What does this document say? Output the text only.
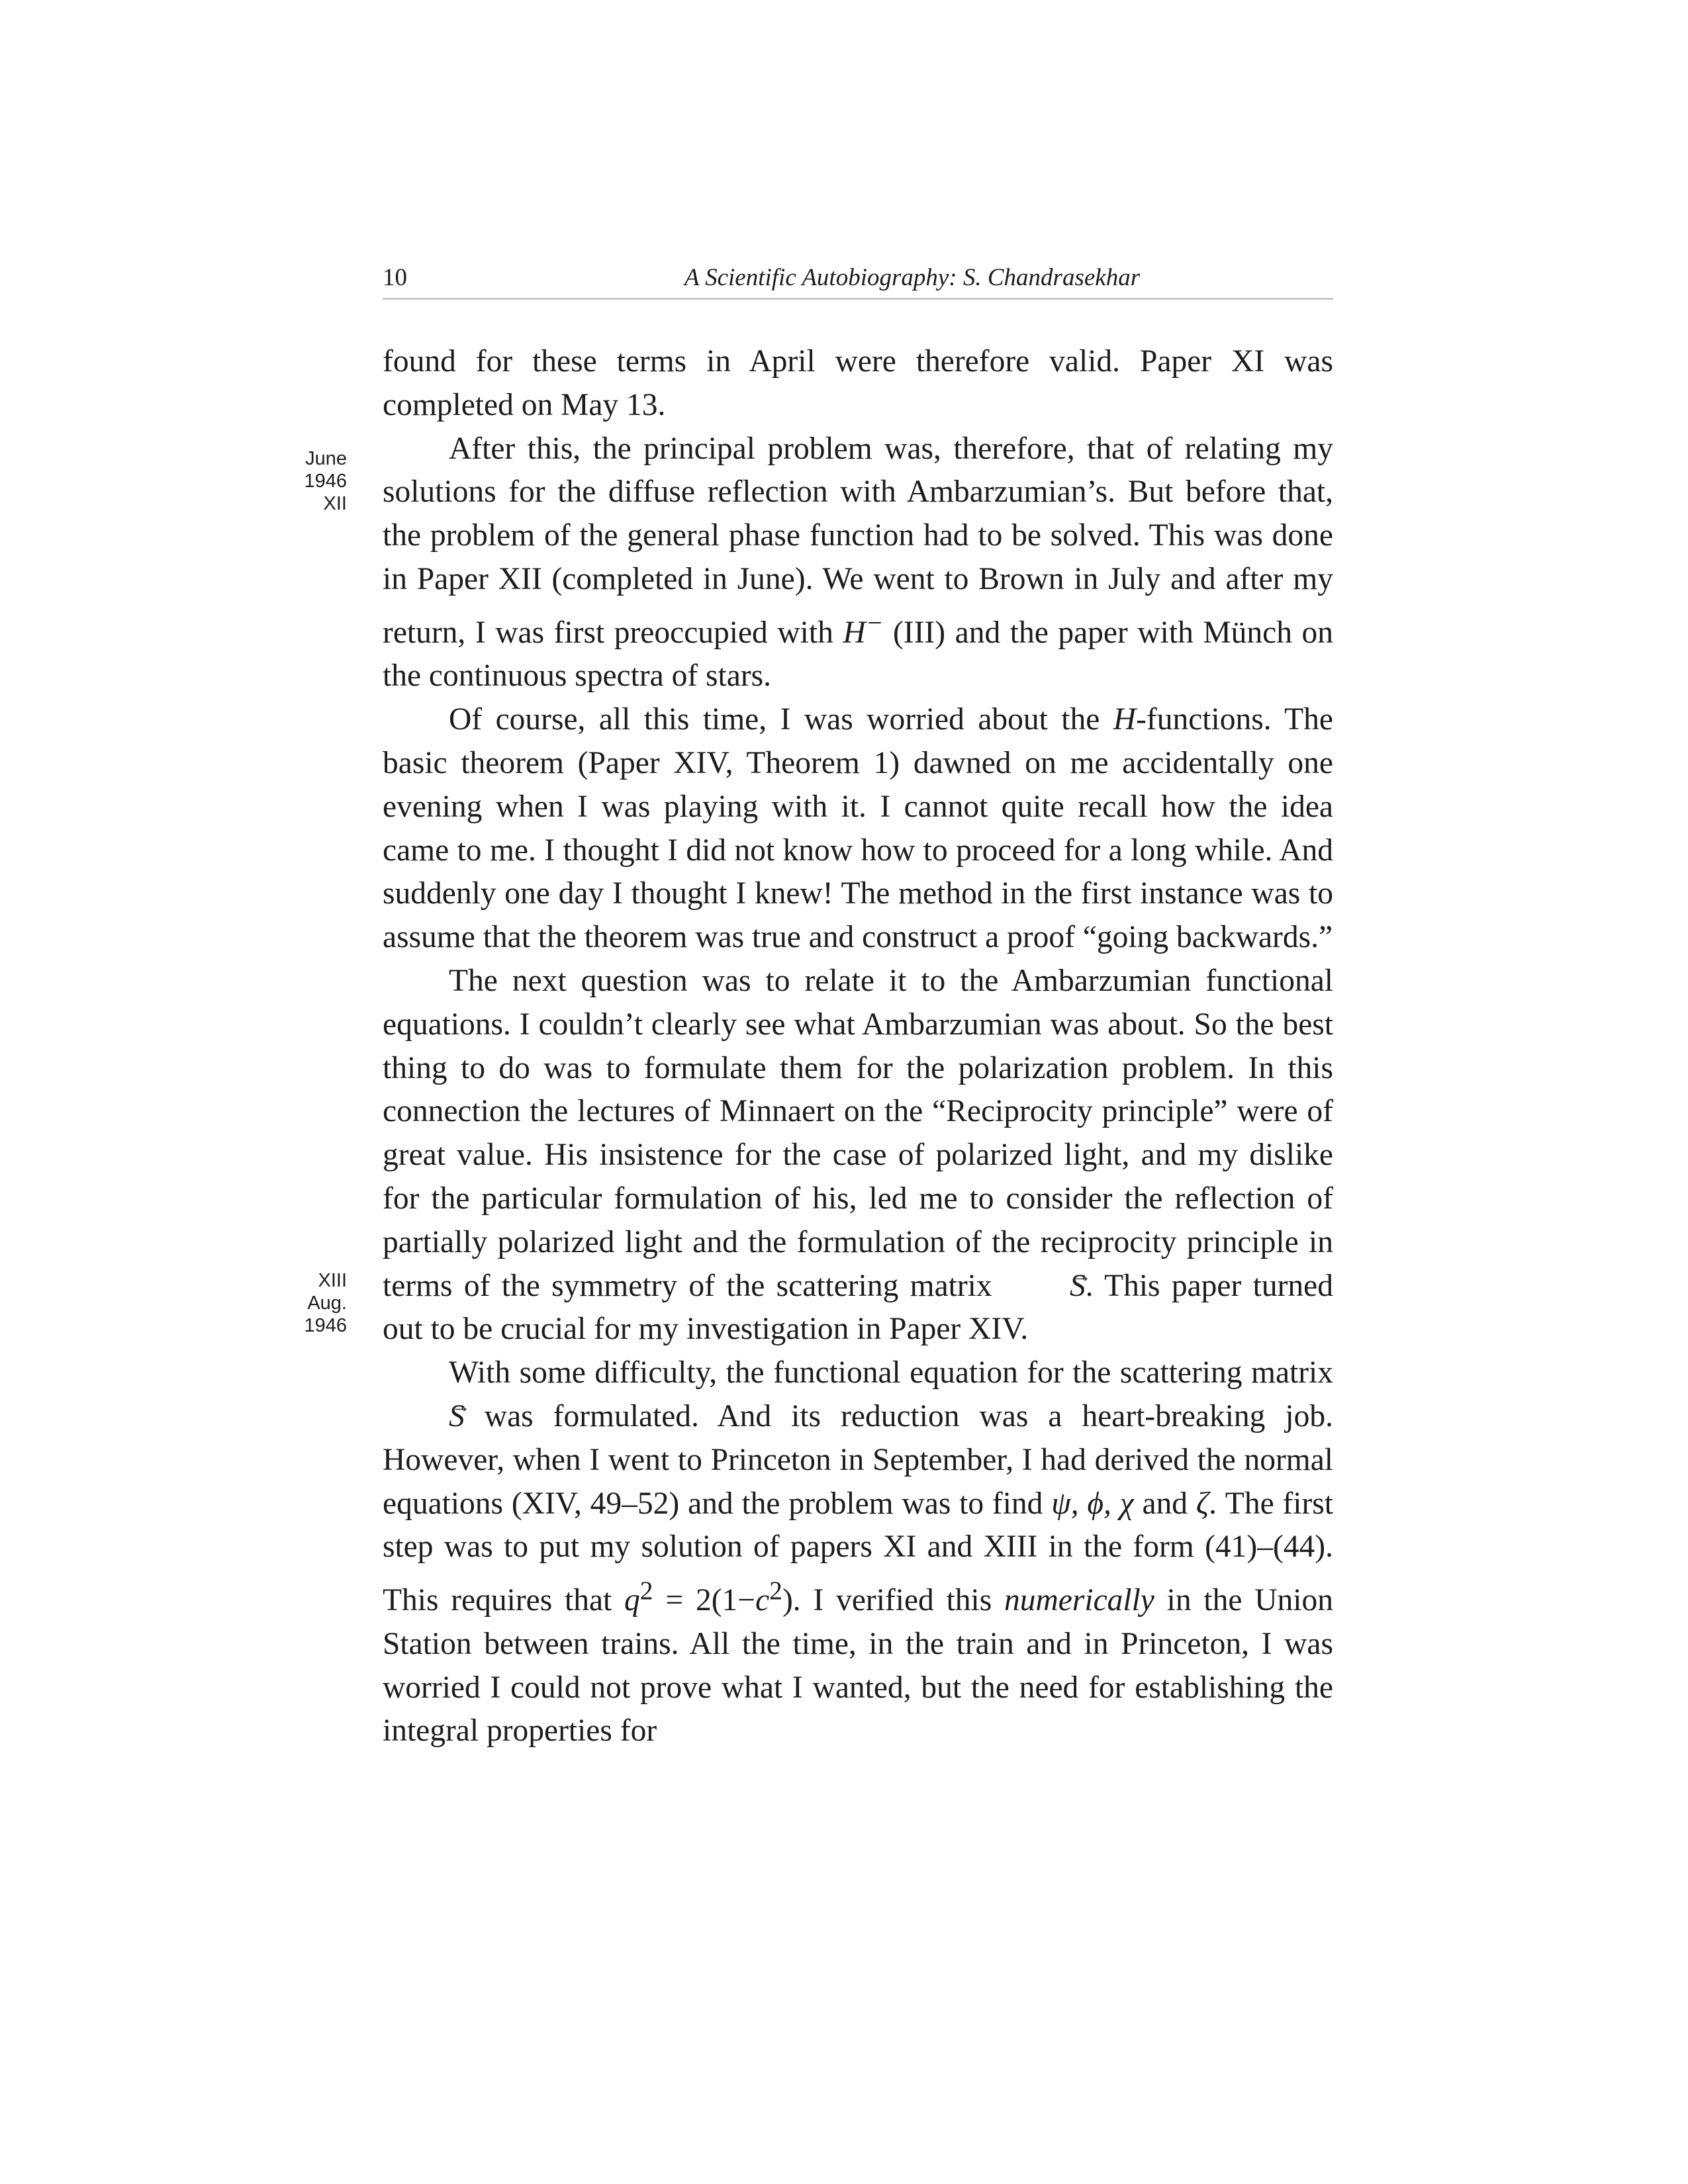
10	A Scientific Autobiography: S. Chandrasekhar
June
1946
XII
XIII
Aug.
1946

found for these terms in April were therefore valid. Paper XI was completed on May 13.

After this, the principal problem was, therefore, that of relating my solutions for the diffuse reflection with Ambarzumian’s. But before that, the problem of the general phase function had to be solved. This was done in Paper XII (completed in June). We went to Brown in July and after my return, I was first preoccupied with H− (III) and the paper with Münch on the continuous spectra of stars.

Of course, all this time, I was worried about the H-functions. The basic theorem (Paper XIV, Theorem 1) dawned on me accidentally one evening when I was playing with it. I cannot quite recall how the idea came to me. I thought I did not know how to proceed for a long while. And suddenly one day I thought I knew! The method in the first instance was to assume that the theorem was true and construct a proof “going backwards.”

The next question was to relate it to the Ambarzumian functional equations. I couldn’t clearly see what Ambarzumian was about. So the best thing to do was to formulate them for the polarization problem. In this connection the lectures of Minnaert on the “Reciprocity principle” were of great value. His insistence for the case of polarized light, and my dislike for the particular formulation of his, led me to consider the reflection of partially polarized light and the formulation of the reciprocity principle in terms of the symmetry of the scattering matrix → S. This paper turned out to be crucial for my investigation in Paper XIV.

With some difficulty, the functional equation for the scattering matrix → S was formulated. And its reduction was a heart-breaking job. However, when I went to Princeton in September, I had derived the normal equations (XIV, 49–52) and the problem was to find ψ, ϕ, χ and ζ. The first step was to put my solution of papers XI and XIII in the form (41)–(44). This requires that $q^2 = 2(1-c^2)$. I verified this numerically in the Union Station between trains. All the time, in the train and in Princeton, I was worried I could not prove what I wanted, but the need for establishing the integral properties for
